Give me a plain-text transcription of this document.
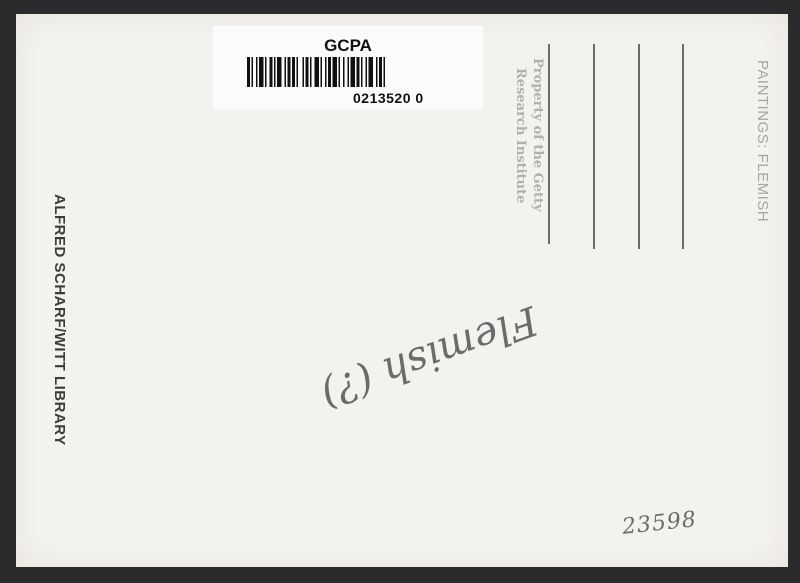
GCPA
0213520 0	Property of the Getty
Research Institute	PAINTINGS: FLEMISH
ALFRED SCHARF/WITT LIBRARY	Flemish (?)
23598
